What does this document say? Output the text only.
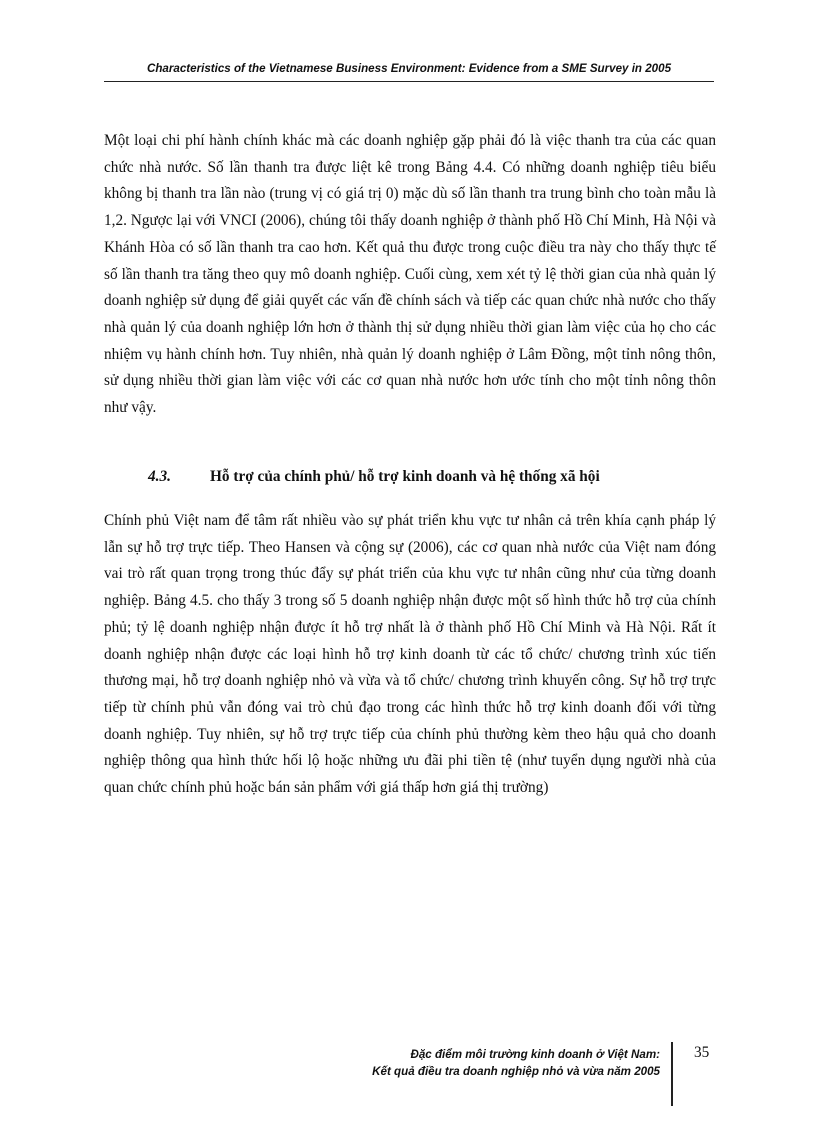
Characteristics of the Vietnamese Business Environment: Evidence from a SME Survey in 2005

Một loại chi phí hành chính khác mà các doanh nghiệp gặp phải đó là việc thanh tra của các quan chức nhà nước. Số lần thanh tra được liệt kê trong Bảng 4.4. Có những doanh nghiệp tiêu biểu không bị thanh tra lần nào (trung vị có giá trị 0) mặc dù số lần thanh tra trung bình cho toàn mẫu là 1,2. Ngược lại với VNCI (2006), chúng tôi thấy doanh nghiệp ở thành phố Hồ Chí Minh, Hà Nội và Khánh Hòa có số lần thanh tra cao hơn. Kết quả thu được trong cuộc điều tra này cho thấy thực tế số lần thanh tra tăng theo quy mô doanh nghiệp. Cuối cùng, xem xét tỷ lệ thời gian của nhà quản lý doanh nghiệp sử dụng để giải quyết các vấn đề chính sách và tiếp các quan chức nhà nước cho thấy nhà quản lý của doanh nghiệp lớn hơn ở thành thị sử dụng nhiều thời gian làm việc của họ cho các nhiệm vụ hành chính hơn. Tuy nhiên, nhà quản lý doanh nghiệp ở Lâm Đồng, một tỉnh nông thôn, sử dụng nhiều thời gian làm việc với các cơ quan nhà nước hơn ước tính cho một tỉnh nông thôn như vậy.

4.3.	Hỗ trợ của chính phủ/ hỗ trợ kinh doanh và hệ thống xã hội

Chính phủ Việt nam để tâm rất nhiều vào sự phát triển khu vực tư nhân cả trên khía cạnh pháp lý lẫn sự hỗ trợ trực tiếp. Theo Hansen và cộng sự (2006), các cơ quan nhà nước của Việt nam đóng vai trò rất quan trọng trong thúc đẩy sự phát triển của khu vực tư nhân cũng như của từng doanh nghiệp. Bảng 4.5. cho thấy 3 trong số 5 doanh nghiệp nhận được một số hình thức hỗ trợ của chính phủ; tỷ lệ doanh nghiệp nhận được ít hỗ trợ nhất là ở thành phố Hồ Chí Minh và Hà Nội. Rất ít doanh nghiệp nhận được các loại hình hỗ trợ kinh doanh từ các tổ chức/ chương trình xúc tiến thương mại, hỗ trợ doanh nghiệp nhỏ và vừa và tổ chức/ chương trình khuyến công. Sự hỗ trợ trực tiếp từ chính phủ vẫn đóng vai trò chủ đạo trong các hình thức hỗ trợ kinh doanh đối với từng doanh nghiệp. Tuy nhiên, sự hỗ trợ trực tiếp của chính phủ thường kèm theo hậu quả cho doanh nghiệp thông qua hình thức hối lộ hoặc những ưu đãi phi tiền tệ (như tuyển dụng người nhà của quan chức chính phủ hoặc bán sản phẩm với giá thấp hơn giá thị trường)

Đặc điểm môi trường kinh doanh ở Việt Nam:
Kết quả điều tra doanh nghiệp nhỏ và vừa năm 2005
35
